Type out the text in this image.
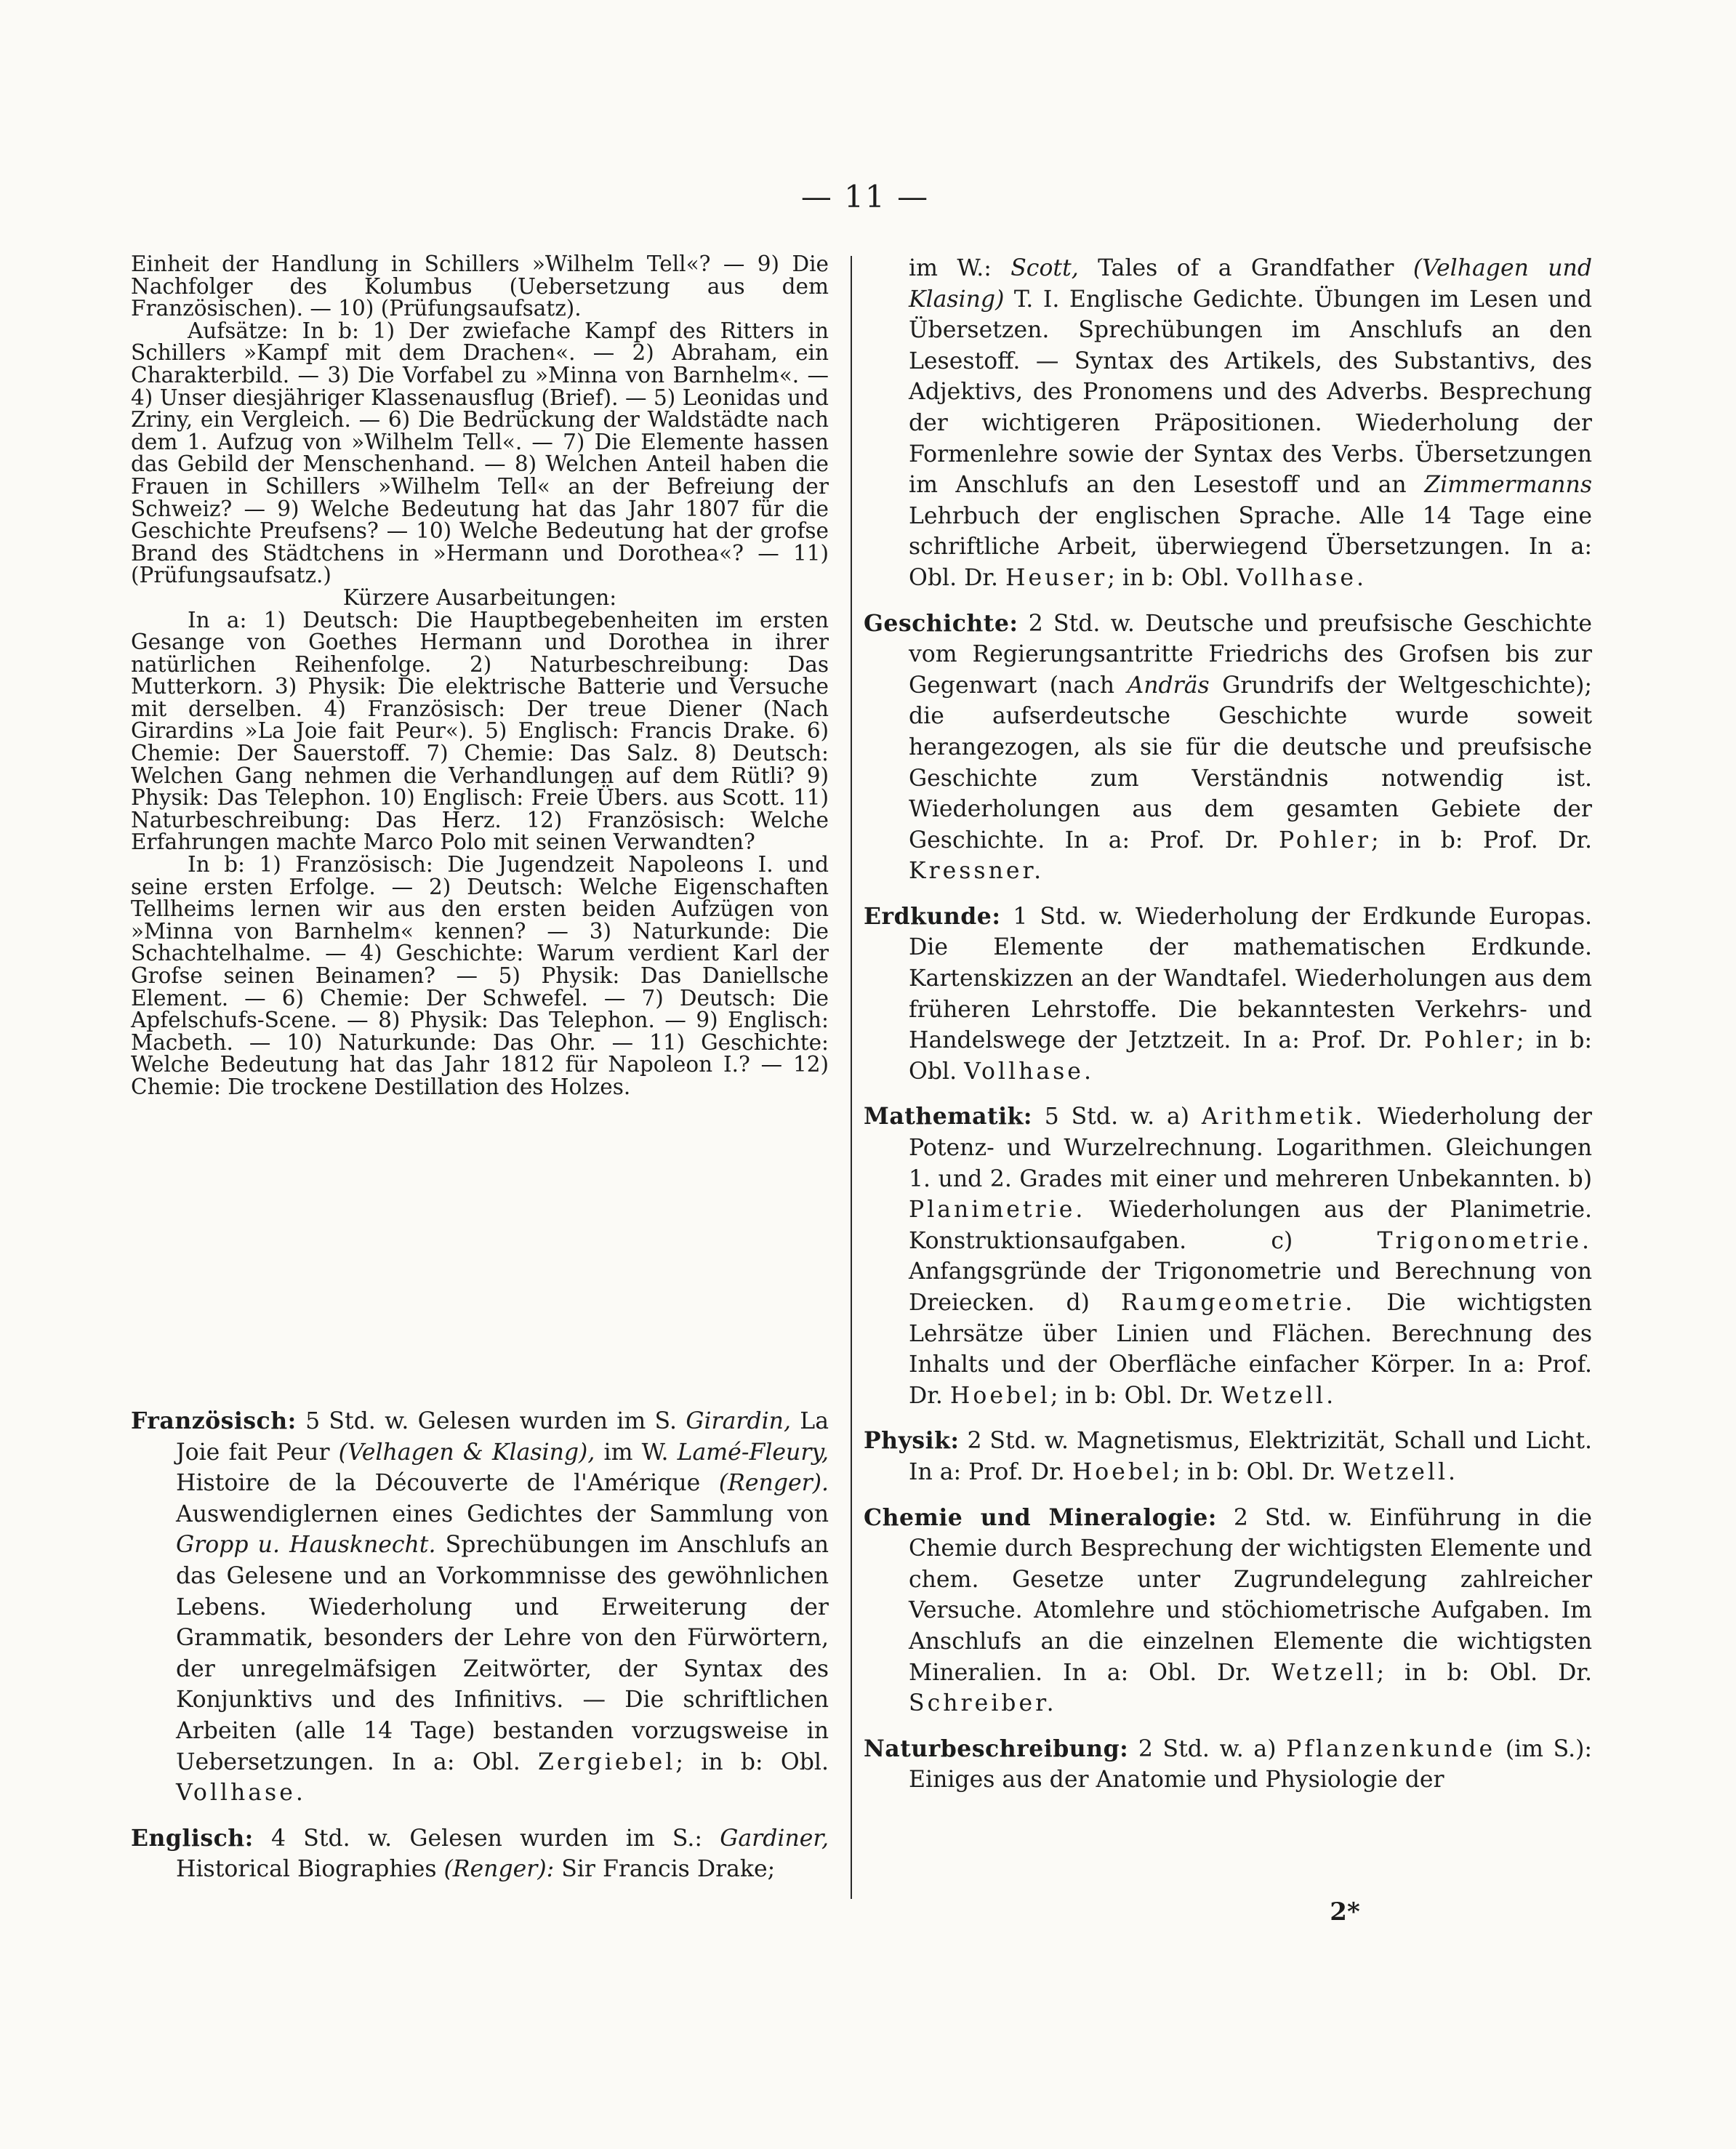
— 11 —

Einheit der Handlung in Schillers »Wilhelm Tell«? — 9) Die Nachfolger des Kolumbus (Uebersetzung aus dem Französischen). — 10) (Prüfungsaufsatz).

Aufsätze: In b: 1) Der zwiefache Kampf des Ritters in Schillers »Kampf mit dem Drachen«. — 2) Abraham, ein Charakterbild. — 3) Die Vorfabel zu »Minna von Barnhelm«. — 4) Unser diesjähriger Klassenausflug (Brief). — 5) Leonidas und Zriny, ein Vergleich. — 6) Die Bedrückung der Waldstädte nach dem 1. Aufzug von »Wilhelm Tell«. — 7) Die Elemente hassen das Gebild der Menschenhand. — 8) Welchen Anteil haben die Frauen in Schillers »Wilhelm Tell« an der Befreiung der Schweiz? — 9) Welche Bedeutung hat das Jahr 1807 für die Geschichte Preufsens? — 10) Welche Bedeutung hat der grofse Brand des Städtchens in »Hermann und Dorothea«? — 11) (Prüfungsaufsatz.)

Kürzere Ausarbeitungen:

In a: 1) Deutsch: Die Hauptbegebenheiten im ersten Gesange von Goethes Hermann und Dorothea in ihrer natürlichen Reihenfolge. 2) Naturbeschreibung: Das Mutterkorn. 3) Physik: Die elektrische Batterie und Versuche mit derselben. 4) Französisch: Der treue Diener (Nach Girardins »La Joie fait Peur«). 5) Englisch: Francis Drake. 6) Chemie: Der Sauerstoff. 7) Chemie: Das Salz. 8) Deutsch: Welchen Gang nehmen die Verhandlungen auf dem Rütli? 9) Physik: Das Telephon. 10) Englisch: Freie Übers. aus Scott. 11) Naturbeschreibung: Das Herz. 12) Französisch: Welche Erfahrungen machte Marco Polo mit seinen Verwandten?

In b: 1) Französisch: Die Jugendzeit Napoleons I. und seine ersten Erfolge. — 2) Deutsch: Welche Eigenschaften Tellheims lernen wir aus den ersten beiden Aufzügen von »Minna von Barnhelm« kennen? — 3) Naturkunde: Die Schachtelhalme. — 4) Geschichte: Warum verdient Karl der Grofse seinen Beinamen? — 5) Physik: Das Daniellsche Element. — 6) Chemie: Der Schwefel. — 7) Deutsch: Die Apfelschufs-Scene. — 8) Physik: Das Telephon. — 9) Englisch: Macbeth. — 10) Naturkunde: Das Ohr. — 11) Geschichte: Welche Bedeutung hat das Jahr 1812 für Napoleon I.? — 12) Chemie: Die trockene Destillation des Holzes.

Französisch: 5 Std. w. Gelesen wurden im S. Girardin, La Joie fait Peur (Velhagen & Klasing), im W. Lamé-Fleury, Histoire de la Découverte de l'Amérique (Renger). Auswendiglernen eines Gedichtes der Sammlung von Gropp u. Hausknecht. Sprechübungen im Anschlufs an das Gelesene und an Vorkommnisse des gewöhnlichen Lebens. Wiederholung und Erweiterung der Grammatik, besonders der Lehre von den Fürwörtern, der unregelmäfsigen Zeitwörter, der Syntax des Konjunktivs und des Infinitivs. — Die schriftlichen Arbeiten (alle 14 Tage) bestanden vorzugsweise in Uebersetzungen. In a: Obl. Zergiebel; in b: Obl. Vollhase.

Englisch: 4 Std. w. Gelesen wurden im S.: Gardiner, Historical Biographies (Renger): Sir Francis Drake;

im W.: Scott, Tales of a Grandfather (Velhagen und Klasing) T. I. Englische Gedichte. Übungen im Lesen und Übersetzen. Sprechübungen im Anschlufs an den Lesestoff. — Syntax des Artikels, des Substantivs, des Adjektivs, des Pronomens und des Adverbs. Besprechung der wichtigeren Präpositionen. Wiederholung der Formenlehre sowie der Syntax des Verbs. Übersetzungen im Anschlufs an den Lesestoff und an Zimmermanns Lehrbuch der englischen Sprache. Alle 14 Tage eine schriftliche Arbeit, überwiegend Übersetzungen. In a: Obl. Dr. Heuser; in b: Obl. Vollhase.

Geschichte: 2 Std. w. Deutsche und preufsische Geschichte vom Regierungsantritte Friedrichs des Grofsen bis zur Gegenwart (nach Andräs Grundrifs der Weltgeschichte); die aufserdeutsche Geschichte wurde soweit herangezogen, als sie für die deutsche und preufsische Geschichte zum Verständnis notwendig ist. Wiederholungen aus dem gesamten Gebiete der Geschichte. In a: Prof. Dr. Pohler; in b: Prof. Dr. Kressner.

Erdkunde: 1 Std. w. Wiederholung der Erdkunde Europas. Die Elemente der mathematischen Erdkunde. Kartenskizzen an der Wandtafel. Wiederholungen aus dem früheren Lehrstoffe. Die bekanntesten Verkehrs- und Handelswege der Jetztzeit. In a: Prof. Dr. Pohler; in b: Obl. Vollhase.

Mathematik: 5 Std. w. a) Arithmetik. Wiederholung der Potenz- und Wurzelrechnung. Logarithmen. Gleichungen 1. und 2. Grades mit einer und mehreren Unbekannten. b) Planimetrie. Wiederholungen aus der Planimetrie. Konstruktionsaufgaben. c) Trigonometrie. Anfangsgründe der Trigonometrie und Berechnung von Dreiecken. d) Raumgeometrie. Die wichtigsten Lehrsätze über Linien und Flächen. Berechnung des Inhalts und der Oberfläche einfacher Körper. In a: Prof. Dr. Hoebel; in b: Obl. Dr. Wetzell.

Physik: 2 Std. w. Magnetismus, Elektrizität, Schall und Licht. In a: Prof. Dr. Hoebel; in b: Obl. Dr. Wetzell.

Chemie und Mineralogie: 2 Std. w. Einführung in die Chemie durch Besprechung der wichtigsten Elemente und chem. Gesetze unter Zugrundelegung zahlreicher Versuche. Atomlehre und stöchiometrische Aufgaben. Im Anschlufs an die einzelnen Elemente die wichtigsten Mineralien. In a: Obl. Dr. Wetzell; in b: Obl. Dr. Schreiber.

Naturbeschreibung: 2 Std. w. a) Pflanzenkunde (im S.): Einiges aus der Anatomie und Physiologie der

2*
